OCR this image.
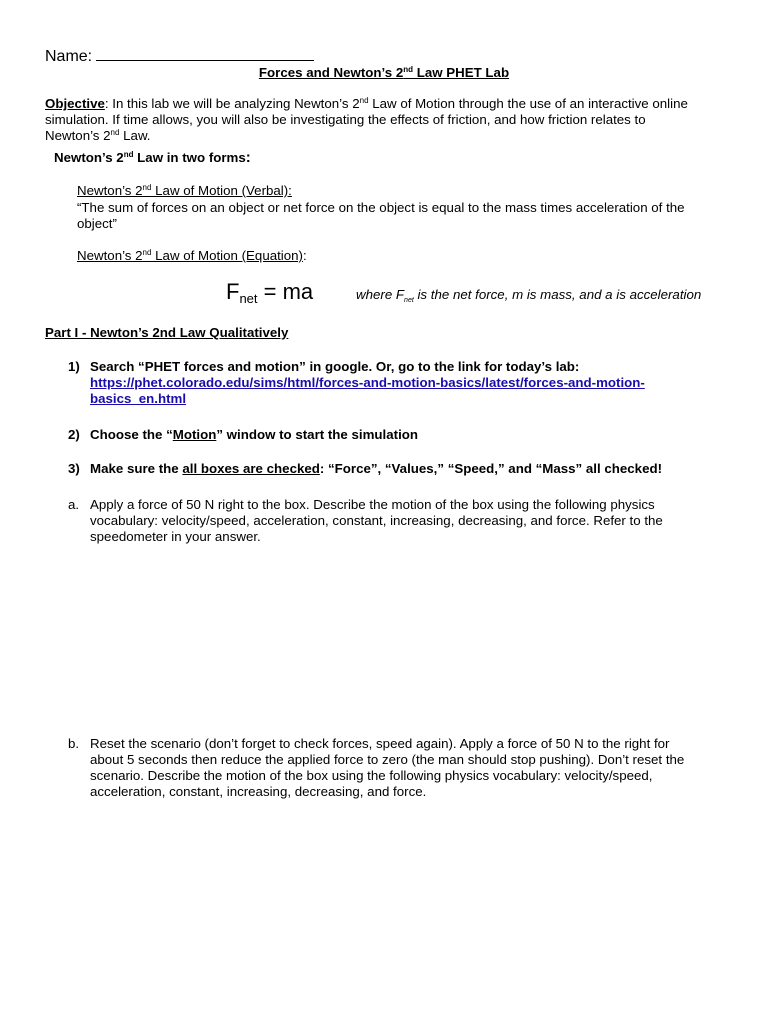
Name:
Forces and Newton’s 2nd Law PHET Lab
Objective: In this lab we will be analyzing Newton’s 2nd Law of Motion through the use of an interactive online
simulation. If time allows, you will also be investigating the effects of friction, and how friction relates to
Newton’s 2nd Law.
Newton’s 2nd Law in two forms:
Newton’s 2nd Law of Motion (Verbal):
“The sum of forces on an object or net force on the object is equal to the mass times acceleration of the
object”
Newton’s 2nd Law of Motion (Equation):
$F_{net}$ = ma	where $F_{net}$ is the net force, m is mass, and a is acceleration
Part I - Newton’s 2nd Law Qualitatively
1) Search “PHET forces and motion” in google. Or, go to the link for today’s lab:
https://phet.colorado.edu/sims/html/forces-and-motion-basics/latest/forces-and-motion-
basics_en.html
2) Choose the “Motion” window to start the simulation
3) Make sure the all boxes are checked: “Force”, “Values,” “Speed,” and “Mass” all checked!
a. Apply a force of 50 N right to the box. Describe the motion of the box using the following physics
vocabulary: velocity/speed, acceleration, constant, increasing, decreasing, and force. Refer to the
speedometer in your answer.
b. Reset the scenario (don’t forget to check forces, speed again). Apply a force of 50 N to the right for
about 5 seconds then reduce the applied force to zero (the man should stop pushing). Don’t reset the
scenario. Describe the motion of the box using the following physics vocabulary: velocity/speed,
acceleration, constant, increasing, decreasing, and force.
